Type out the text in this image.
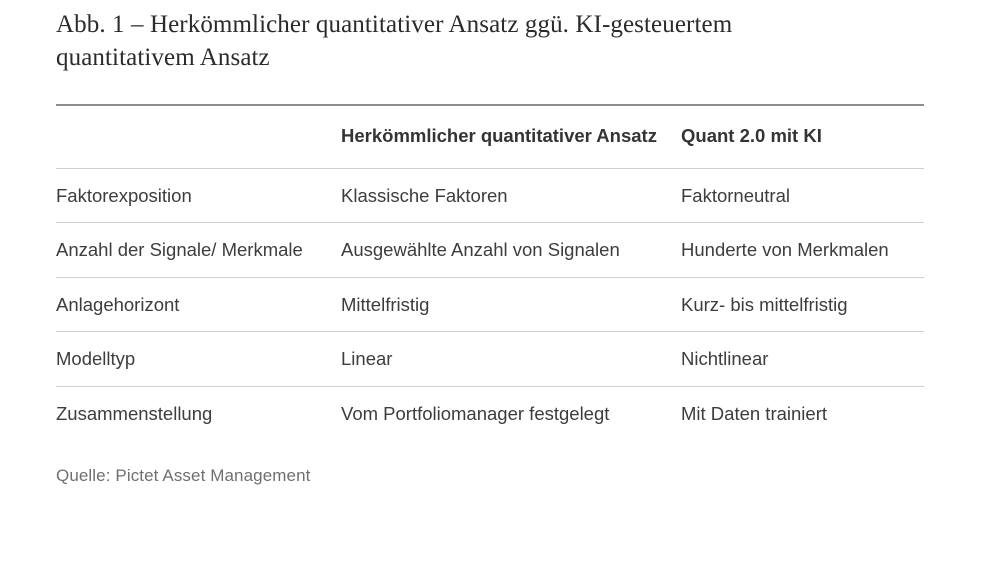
Abb. 1 – Herkömmlicher quantitativer Ansatz ggü. KI-gesteuertem quantitativem Ansatz
	Herkömmlicher quantitativer Ansatz	Quant 2.0 mit KI
Faktorexposition	Klassische Faktoren	Faktorneutral
Anzahl der Signale/ Merkmale	Ausgewählte Anzahl von Signalen	Hunderte von Merkmalen
Anlagehorizont	Mittelfristig	Kurz- bis mittelfristig
Modelltyp	Linear	Nichtlinear
Zusammenstellung	Vom Portfoliomanager festgelegt	Mit Daten trainiert
Quelle: Pictet Asset Management
